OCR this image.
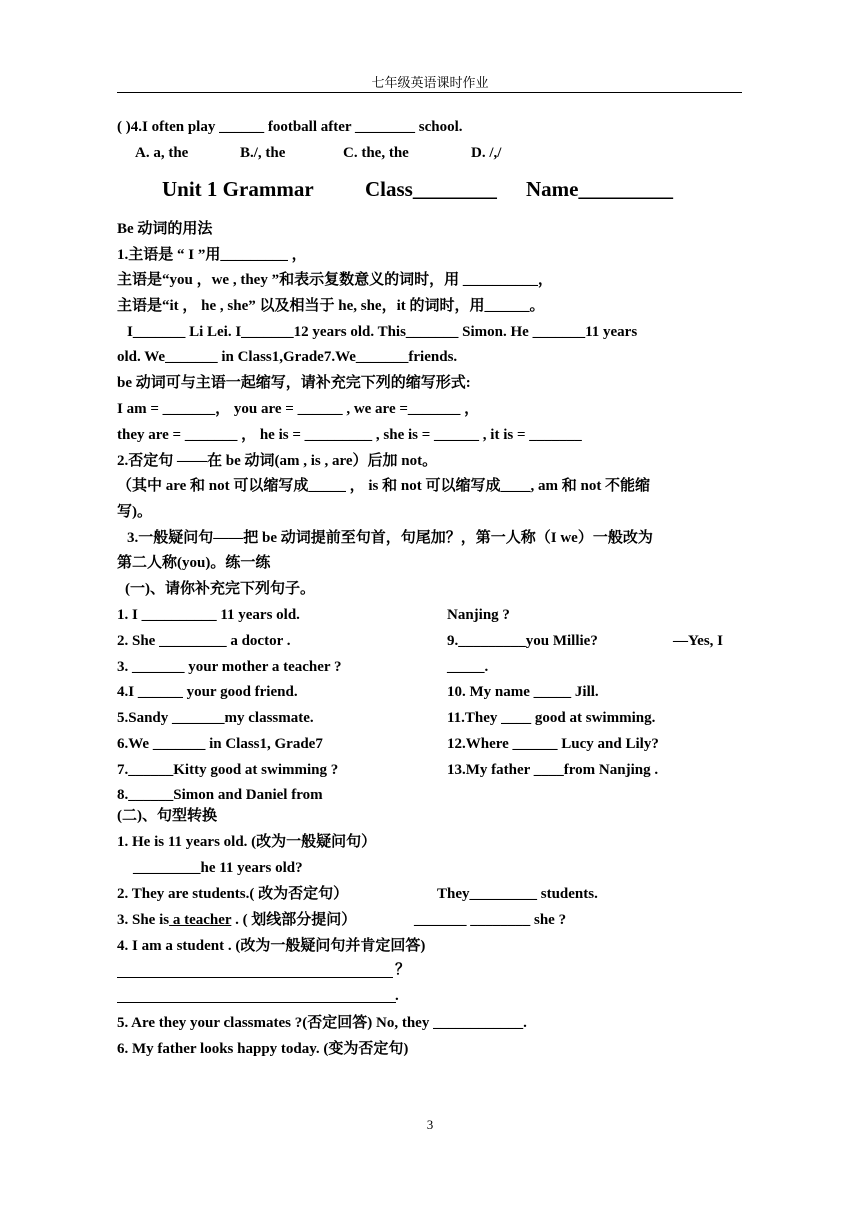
七年级英语课时作业
( )4.I often play ______ football after ________ school.
A. a, the	B./, the	C. the, the	D. /,/
Unit 1 Grammar Class________ Name_________
Be 动词的用法
1.主语是 “ I ”用_________ ，
主语是“you ，we , they ”和表示复数意义的词时，用 __________，
主语是“it ， he , she” 以及相当于 he, she，it 的词时，用______。
I_______ Li Lei. I_______12 years old. This_______ Simon. He _______11 years
old. We_______ in Class1,Grade7.We_______friends.
be 动词可与主语一起缩写，请补充完下列的缩写形式:
I am = _______， you are = ______ , we are =_______ ，
they are = _______ ， he is = _________ , she is = ______ , it is = _______
2.否定句 ——在 be 动词(am , is , are）后加 not。
（其中 are 和 not 可以缩写成_____ ， is 和 not 可以缩写成____, am 和 not 不能缩
写)。
3.一般疑问句——把 be 动词提前至句首，句尾加？，第一人称（I we）一般改为
第二人称(you)。练一练
(一)、请你补充完下列句子。
1. I __________ 11 years old.
2. She _________ a doctor .
3. _______ your mother a teacher ?
4.I ______ your good friend.
5.Sandy _______my classmate.
6.We _______ in Class1, Grade7
7.______Kitty good at swimming ?
8.______Simon and Daniel from
Nanjing ?
9._________you Millie?	—Yes, I
_____.
10. My name _____ Jill.
11.They ____ good at swimming.
12.Where ______ Lucy and Lily?
13.My father ____from Nanjing .
(二)、句型转换
1. He is 11 years old. (改为一般疑问句）
_________he 11 years old?
2. They are students.( 改为否定句）	They_________ students.
3. She is a teacher . ( 划线部分提问）	_______ ________ she ?
4. I am a student . (改为一般疑问句并肯定回答)
？
.
5. Are they your classmates ?(否定回答) No, they ____________.
6. My father looks happy today. (变为否定句)
3
